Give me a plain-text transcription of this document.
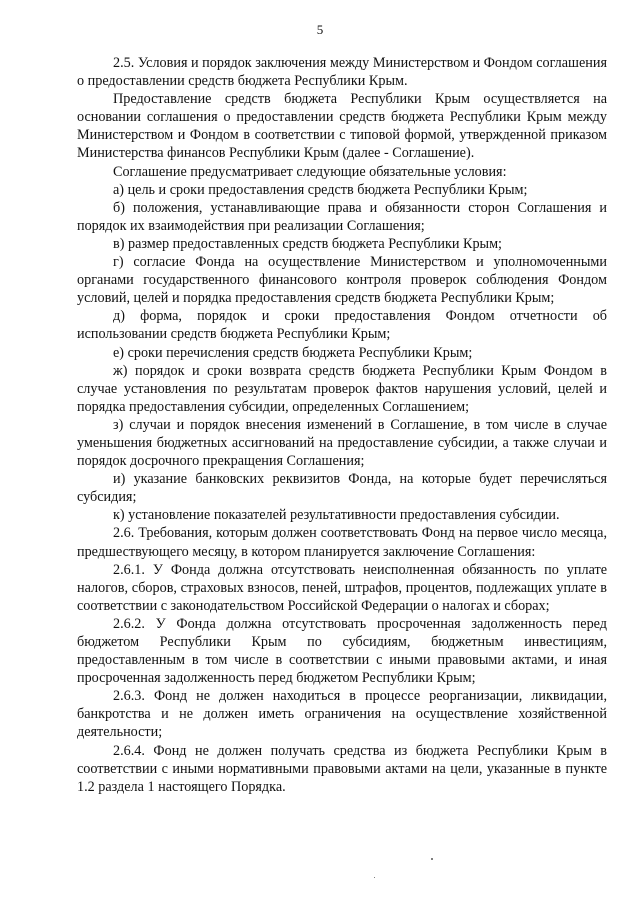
5

2.5. Условия и порядок заключения между Министерством и Фондом соглашения о предоставлении средств бюджета Республики Крым.

Предоставление средств бюджета Республики Крым осуществляется на основании соглашения о предоставлении средств бюджета Республики Крым между Министерством и Фондом в соответствии с типовой формой, утвержденной приказом Министерства финансов Республики Крым (далее - Соглашение).

Соглашение предусматривает следующие обязательные условия:

а) цель и сроки предоставления средств бюджета Республики Крым;

б) положения, устанавливающие права и обязанности сторон Соглашения и порядок их взаимодействия при реализации Соглашения;

в) размер предоставленных средств бюджета Республики Крым;

г) согласие Фонда на осуществление Министерством и уполномоченными органами государственного финансового контроля проверок соблюдения Фондом условий, целей и порядка предоставления средств бюджета Республики Крым;

д) форма, порядок и сроки предоставления Фондом отчетности об использовании средств бюджета Республики Крым;

е) сроки перечисления средств бюджета Республики Крым;

ж) порядок и сроки возврата средств бюджета Республики Крым Фондом в случае установления по результатам проверок фактов нарушения условий, целей и порядка предоставления субсидии, определенных Соглашением;

з) случаи и порядок внесения изменений в Соглашение, в том числе в случае уменьшения бюджетных ассигнований на предоставление субсидии, а также случаи и порядок досрочного прекращения Соглашения;

и) указание банковских реквизитов Фонда, на которые будет перечисляться субсидия;

к) установление показателей результативности предоставления субсидии.

2.6. Требования, которым должен соответствовать Фонд на первое число месяца, предшествующего месяцу, в котором планируется заключение Соглашения:

2.6.1. У Фонда должна отсутствовать неисполненная обязанность по уплате налогов, сборов, страховых взносов, пеней, штрафов, процентов, подлежащих уплате в соответствии с законодательством Российской Федерации о налогах и сборах;

2.6.2. У Фонда должна отсутствовать просроченная задолженность перед бюджетом Республики Крым по субсидиям, бюджетным инвестициям, предоставленным в том числе в соответствии с иными правовыми актами, и иная просроченная задолженность перед бюджетом Республики Крым;

2.6.3. Фонд не должен находиться в процессе реорганизации, ликвидации, банкротства и не должен иметь ограничения на осуществление хозяйственной деятельности;

2.6.4. Фонд не должен получать средства из бюджета Республики Крым в соответствии с иными нормативными правовыми актами на цели, указанные в пункте 1.2 раздела 1 настоящего Порядка.
